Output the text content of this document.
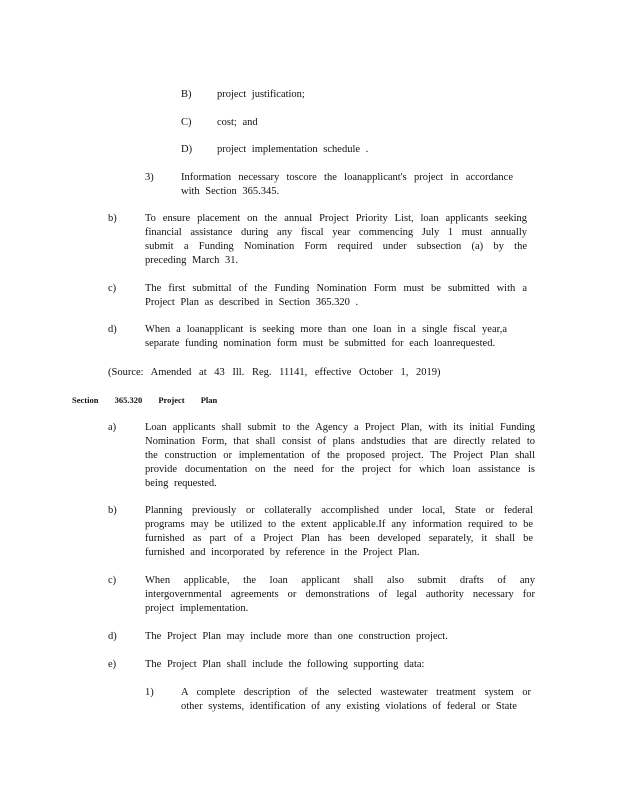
B) project justification;
C) cost; and
D) project implementation schedule .
3)	Information necessary toscore the loanapplicant's project in accordance with Section 365.345.
b)	To ensure placement on the annual Project Priority List, loan applicants seeking financial assistance during any fiscal year commencing July 1 must annually submit a Funding Nomination Form required under subsection (a) by the preceding March 31.
c)	The first submittal of the Funding Nomination Form must be submitted with a Project Plan as described in Section 365.320 .
d)	When a loanapplicant is seeking more than one loan in a single fiscal year,a separate funding nomination form must be submitted for each loanrequested.
(Source: Amended at 43 Ill. Reg. 11141, effective October 1, 2019)
Section 365.320 Project Plan
a)	Loan applicants shall submit to the Agency a Project Plan, with its initial Funding Nomination Form, that shall consist of plans andstudies that are directly related to the construction or implementation of the proposed project. The Project Plan shall provide documentation on the need for the project for which loan assistance is being requested.
b)	Planning previously or collaterally accomplished under local, State or federal programs may be utilized to the extent applicable.If any information required to be furnished as part of a Project Plan has been developed separately, it shall be furnished and incorporated by reference in the Project Plan.
c)	When applicable, the loan applicant shall also submit drafts of any intergovernmental agreements or demonstrations of legal authority necessary for project implementation.
d)	The Project Plan may include more than one construction project.
e)	The Project Plan shall include the following supporting data:
1)	A complete description of the selected wastewater treatment system or other systems, identification of any existing violations of federal or State
